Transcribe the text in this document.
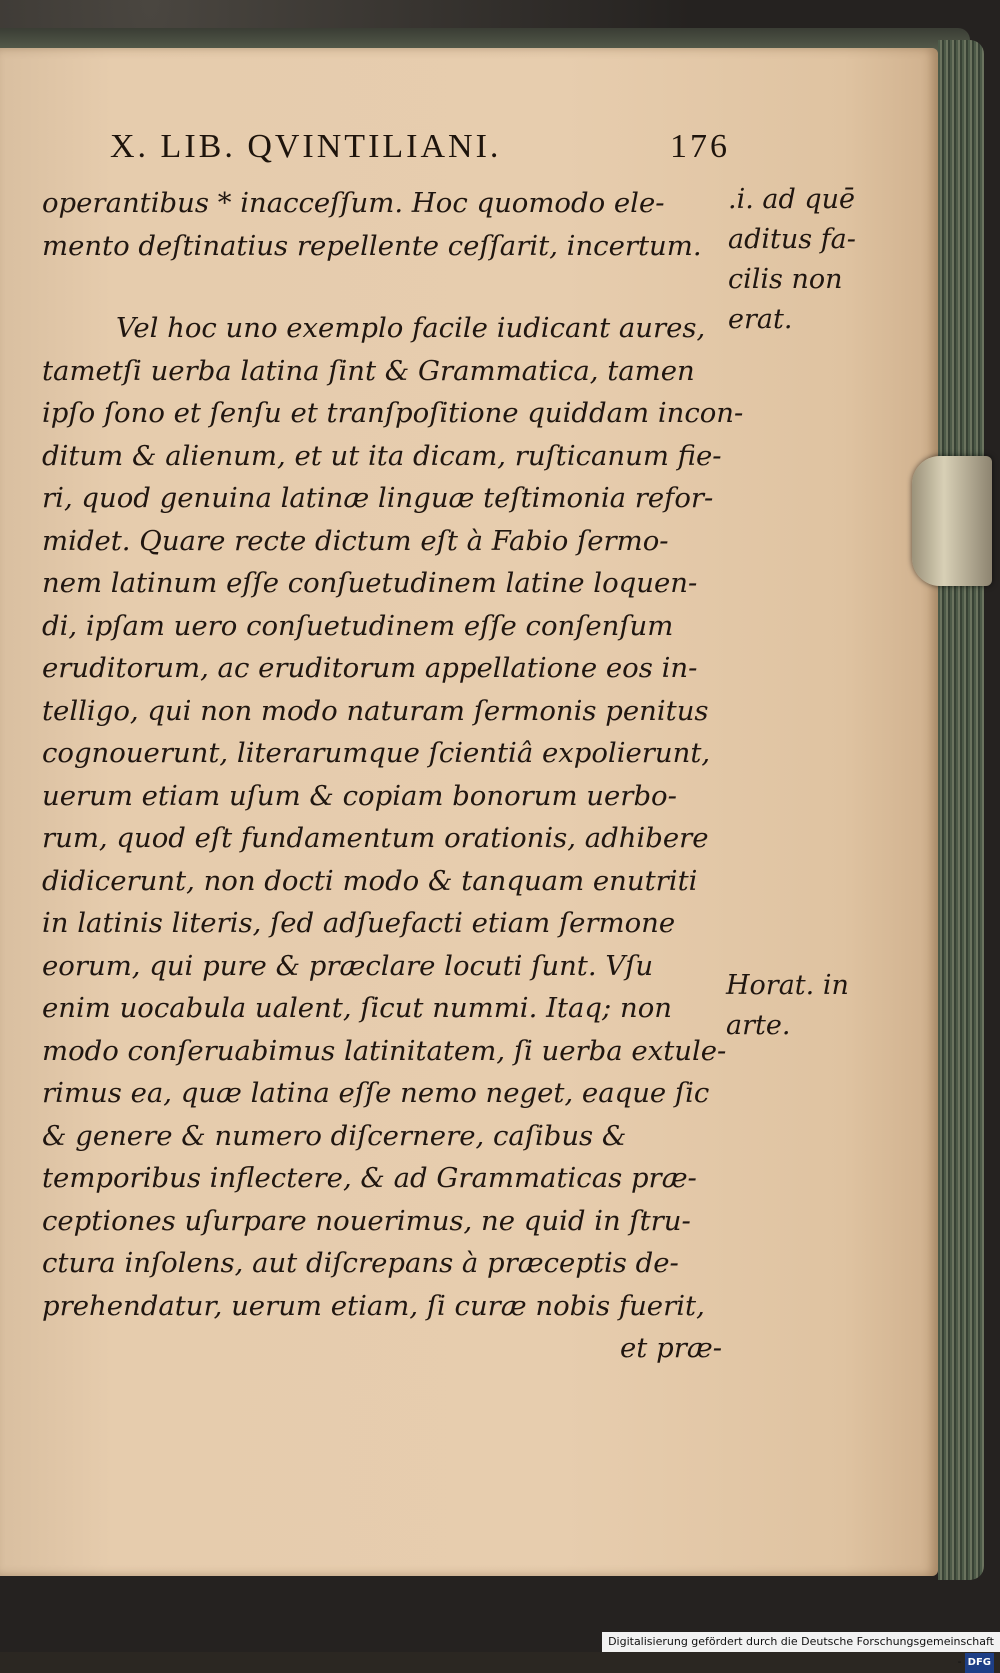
X. LIB. QVINTILIANI.	176
operantibus * inacceſſum. Hoc quomodo ele-
mento deſtinatius repellente ceſſarit, incertum.
Vel hoc uno exemplo facile iudicant aures,
tametſi uerba latina ſint & Grammatica, tamen
ipſo ſono et ſenſu et tranſpoſitione quiddam incon-
ditum & alienum, et ut ita dicam, ruſticanum fie-
ri, quod genuina latinæ linguæ teſtimonia refor-
midet. Quare recte dictum eſt à Fabio ſermo-
nem latinum eſſe conſuetudinem latine loquen-
di, ipſam uero conſuetudinem eſſe conſenſum
eruditorum, ac eruditorum appellatione eos in-
telligo, qui non modo naturam ſermonis penitus
cognouerunt, literarumque ſcientiâ expolierunt,
uerum etiam uſum & copiam bonorum uerbo-
rum, quod eſt fundamentum orationis, adhibere
didicerunt, non docti modo & tanquam enutriti
in latinis literis, ſed adſuefacti etiam ſermone
eorum, qui pure & præclare locuti ſunt. Vſu
enim uocabula ualent, ſicut nummi. Itaq; non
modo conſeruabimus latinitatem, ſi uerba extule-
rimus ea, quæ latina eſſe nemo neget, eaque ſic
& genere & numero diſcernere, caſibus &
temporibus inflectere, & ad Grammaticas præ-
ceptiones uſurpare nouerimus, ne quid in ſtru-
ctura inſolens, aut diſcrepans à præceptis de-
prehendatur, uerum etiam, ſi curæ nobis fuerit,
et præ-
.i. ad quē
aditus fa-
cilis non
erat.
Horat. in
arte.
Digitalisierung gefördert durch die Deutsche Forschungsgemeinschaft - DFG
